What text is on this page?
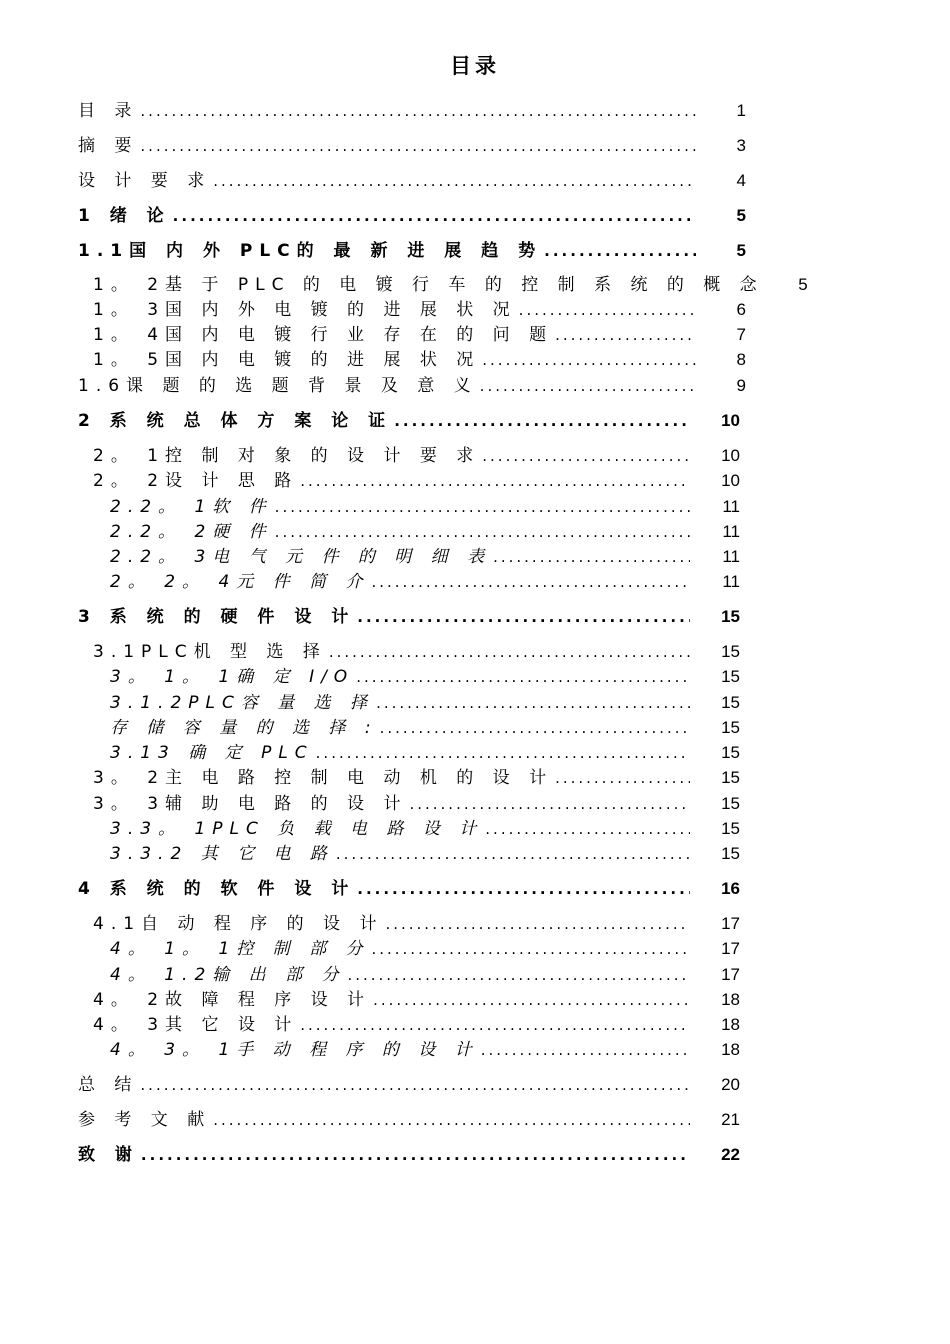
目录
目 录 .....	1
摘 要 .....	3
设 计 要 求 .....	4
1 绪 论 .....	5
1.1国 内 外 PLC的 最 新 进 展 趋 势 .....	5
1。 2基 于 PLC 的 电 镀 行 车 的 控 制 系 统 的 概 念	5
1。 3国 内 外 电 镀 的 进 展 状 况 .....	6
1。 4国 内 电 镀 行 业 存 在 的 问 题 .....	7
1。 5国 内 电 镀 的 进 展 状 况 .....	8
1.6课 题 的 选 题 背 景 及 意 义 .....	9
2 系 统 总 体 方 案 论 证 .....	10
2。 1控 制 对 象 的 设 计 要 求 .....	10
2。 2设 计 思 路 .....	10
2.2。 1软 件 .....	11
2.2。 2硬 件 .....	11
2.2。 3电 气 元 件 的 明 细 表 .....	11
2。 2。 4元 件 简 介 .....	11
3 系 统 的 硬 件 设 计 .....	15
3.1PLC机 型 选 择 .....	15
3。 1。 1确 定 I/O .....	15
3.1.2PLC容 量 选 择 .....	15
存 储 容 量 的 选 择 : .....	15
3.13 确 定 PLC .....	15
3。 2主 电 路 控 制 电 动 机 的 设 计 .....	15
3。 3辅 助 电 路 的 设 计 .....	15
3.3。 1PLC 负 载 电 路 设 计 .....	15
3.3.2 其 它 电 路 .....	15
4 系 统 的 软 件 设 计 .....	16
4.1自 动 程 序 的 设 计 .....	17
4。 1。 1控 制 部 分 .....	17
4。 1.2输 出 部 分 .....	17
4。 2故 障 程 序 设 计 .....	18
4。 3其 它 设 计 .....	18
4。 3。 1手 动 程 序 的 设 计 .....	18
总 结 .....	20
参 考 文 献 .....	21
致 谢 .....	22
